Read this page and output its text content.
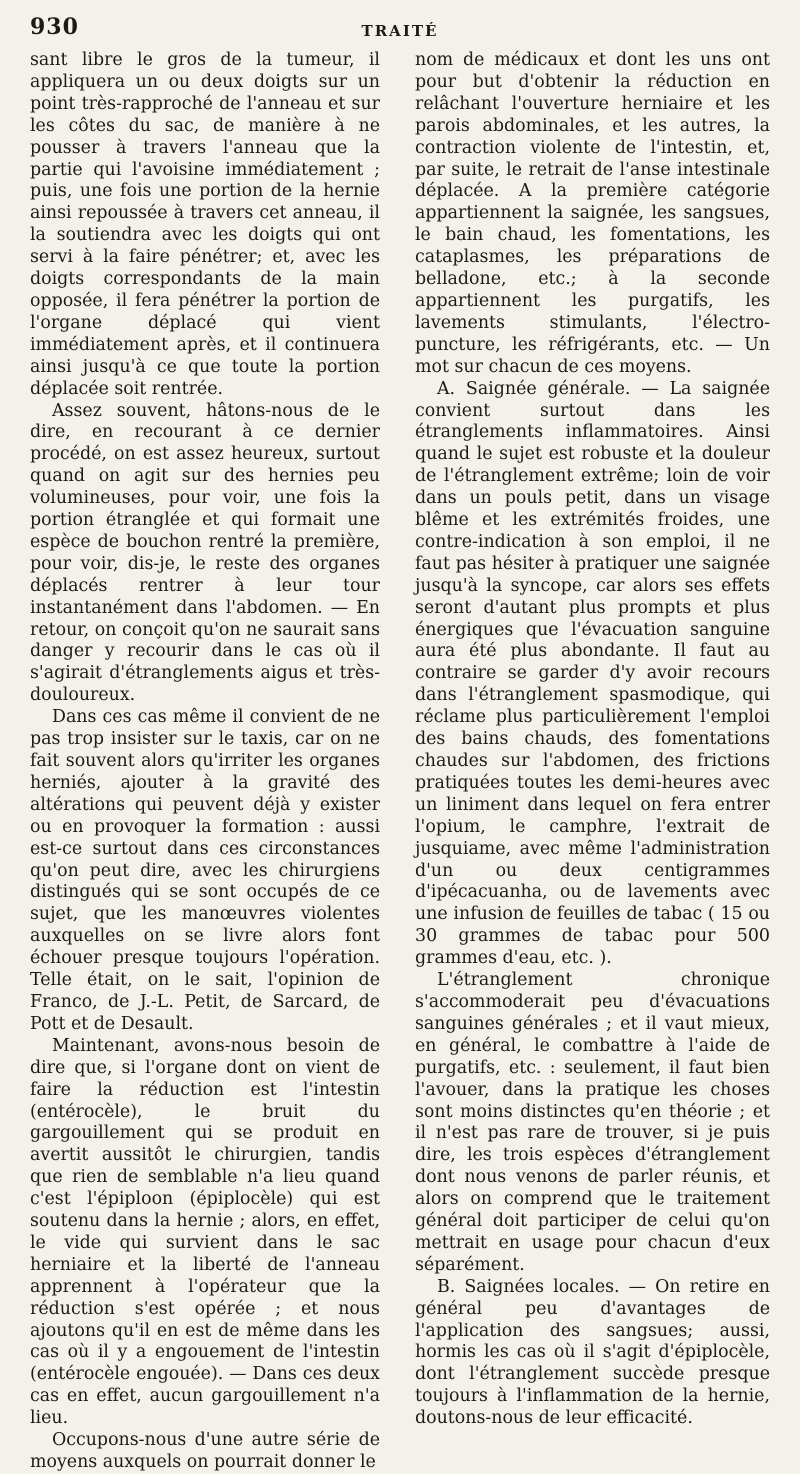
930	TRAITÉ

sant libre le gros de la tumeur, il appliquera un ou deux doigts sur un point très-rapproché de l'anneau et sur les côtes du sac, de manière à ne pousser à travers l'anneau que la partie qui l'avoisine immédiatement ; puis, une fois une portion de la hernie ainsi repoussée à travers cet anneau, il la soutiendra avec les doigts qui ont servi à la faire pénétrer; et, avec les doigts correspondants de la main opposée, il fera pénétrer la portion de l'organe déplacé qui vient immédiatement après, et il continuera ainsi jusqu'à ce que toute la portion déplacée soit rentrée.

Assez souvent, hâtons-nous de le dire, en recourant à ce dernier procédé, on est assez heureux, surtout quand on agit sur des hernies peu volumineuses, pour voir, une fois la portion étranglée et qui formait une espèce de bouchon rentré la première, pour voir, dis-je, le reste des organes déplacés rentrer à leur tour instantanément dans l'abdomen. — En retour, on conçoit qu'on ne saurait sans danger y recourir dans le cas où il s'agirait d'étranglements aigus et très-douloureux.

Dans ces cas même il convient de ne pas trop insister sur le taxis, car on ne fait souvent alors qu'irriter les organes herniés, ajouter à la gravité des altérations qui peuvent déjà y exister ou en provoquer la formation : aussi est-ce surtout dans ces circonstances qu'on peut dire, avec les chirurgiens distingués qui se sont occupés de ce sujet, que les manœuvres violentes auxquelles on se livre alors font échouer presque toujours l'opération. Telle était, on le sait, l'opinion de Franco, de J.-L. Petit, de Sarcard, de Pott et de Desault.

Maintenant, avons-nous besoin de dire que, si l'organe dont on vient de faire la réduction est l'intestin (entérocèle), le bruit du gargouillement qui se produit en avertit aussitôt le chirurgien, tandis que rien de semblable n'a lieu quand c'est l'épiploon (épiplocèle) qui est soutenu dans la hernie ; alors, en effet, le vide qui survient dans le sac herniaire et la liberté de l'anneau apprennent à l'opérateur que la réduction s'est opérée ; et nous ajoutons qu'il en est de même dans les cas où il y a engouement de l'intestin (entérocèle engouée). — Dans ces deux cas en effet, aucun gargouillement n'a lieu.

Occupons-nous d'une autre série de moyens auxquels on pourrait donner le

nom de médicaux et dont les uns ont pour but d'obtenir la réduction en relâchant l'ouverture herniaire et les parois abdominales, et les autres, la contraction violente de l'intestin, et, par suite, le retrait de l'anse intestinale déplacée. A la première catégorie appartiennent la saignée, les sangsues, le bain chaud, les fomentations, les cataplasmes, les préparations de belladone, etc.; à la seconde appartiennent les purgatifs, les lavements stimulants, l'électro-puncture, les réfrigérants, etc. — Un mot sur chacun de ces moyens.

A. Saignée générale. — La saignée convient surtout dans les étranglements inflammatoires. Ainsi quand le sujet est robuste et la douleur de l'étranglement extrême; loin de voir dans un pouls petit, dans un visage blême et les extrémités froides, une contre-indication à son emploi, il ne faut pas hésiter à pratiquer une saignée jusqu'à la syncope, car alors ses effets seront d'autant plus prompts et plus énergiques que l'évacuation sanguine aura été plus abondante. Il faut au contraire se garder d'y avoir recours dans l'étranglement spasmodique, qui réclame plus particulièrement l'emploi des bains chauds, des fomentations chaudes sur l'abdomen, des frictions pratiquées toutes les demi-heures avec un liniment dans lequel on fera entrer l'opium, le camphre, l'extrait de jusquiame, avec même l'administration d'un ou deux centigrammes d'ipécacuanha, ou de lavements avec une infusion de feuilles de tabac ( 15 ou 30 grammes de tabac pour 500 grammes d'eau, etc. ).

L'étranglement chronique s'accommoderait peu d'évacuations sanguines générales ; et il vaut mieux, en général, le combattre à l'aide de purgatifs, etc. : seulement, il faut bien l'avouer, dans la pratique les choses sont moins distinctes qu'en théorie ; et il n'est pas rare de trouver, si je puis dire, les trois espèces d'étranglement dont nous venons de parler réunis, et alors on comprend que le traitement général doit participer de celui qu'on mettrait en usage pour chacun d'eux séparément.

B. Saignées locales. — On retire en général peu d'avantages de l'application des sangsues; aussi, hormis les cas où il s'agit d'épiplocèle, dont l'étranglement succède presque toujours à l'inflammation de la hernie, doutons-nous de leur efficacité.
